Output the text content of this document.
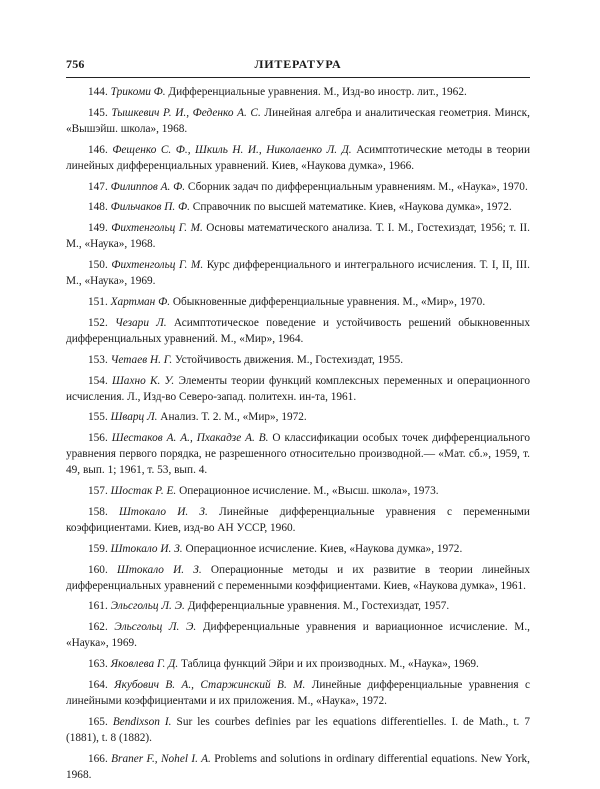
756	ЛИТЕРАТУРА

144. Трикоми Ф. Дифференциальные уравнения. М., Изд-во иностр. лит., 1962.

145. Тышкевич Р. И., Феденко А. С. Линейная алгебра и аналитическая геометрия. Минск, «Вышэйш. школа», 1968.

146. Фещенко С. Ф., Шкиль Н. И., Николаенко Л. Д. Асимптотические методы в теории линейных дифференциальных уравнений. Киев, «Наукова думка», 1966.

147. Филиппов А. Ф. Сборник задач по дифференциальным уравнениям. М., «Наука», 1970.

148. Фильчаков П. Ф. Справочник по высшей математике. Киев, «Наукова думка», 1972.

149. Фихтенгольц Г. М. Основы математического анализа. Т. I. М., Гостехиздат, 1956; т. II. М., «Наука», 1968.

150. Фихтенгольц Г. М. Курс дифференциального и интегрального исчисления. Т. I, II, III. М., «Наука», 1969.

151. Хартман Ф. Обыкновенные дифференциальные уравнения. М., «Мир», 1970.

152. Чезари Л. Асимптотическое поведение и устойчивость решений обыкновенных дифференциальных уравнений. М., «Мир», 1964.

153. Четаев Н. Г. Устойчивость движения. М., Гостехиздат, 1955.

154. Шахно К. У. Элементы теории функций комплексных переменных и операционного исчисления. Л., Изд-во Северо-запад. политехн. ин-та, 1961.

155. Шварц Л. Анализ. Т. 2. М., «Мир», 1972.

156. Шестаков А. А., Пхакадзе А. В. О классификации особых точек дифференциального уравнения первого порядка, не разрешенного относительно производной.— «Мат. сб.», 1959, т. 49, вып. 1; 1961, т. 53, вып. 4.

157. Шостак Р. Е. Операционное исчисление. М., «Высш. школа», 1973.

158. Штокало И. З. Линейные дифференциальные уравнения с переменными коэффициентами. Киев, изд-во АН УССР, 1960.

159. Штокало И. З. Операционное исчисление. Киев, «Наукова думка», 1972.

160. Штокало И. З. Операционные методы и их развитие в теории линейных дифференциальных уравнений с переменными коэффициентами. Киев, «Наукова думка», 1961.

161. Эльсгольц Л. Э. Дифференциальные уравнения. М., Гостехиздат, 1957.

162. Эльсгольц Л. Э. Дифференциальные уравнения и вариационное исчисление. М., «Наука», 1969.

163. Яковлева Г. Д. Таблица функций Эйри и их производных. М., «Наука», 1969.

164. Якубович В. А., Старжинский В. М. Линейные дифференциальные уравнения с линейными коэффициентами и их приложения. М., «Наука», 1972.

165. Bendixson I. Sur les courbes definies par les equations differentielles. I. de Math., t. 7 (1881), t. 8 (1882).

166. Braner F., Nohel I. A. Problems and solutions in ordinary differential equations. New York, 1968.
